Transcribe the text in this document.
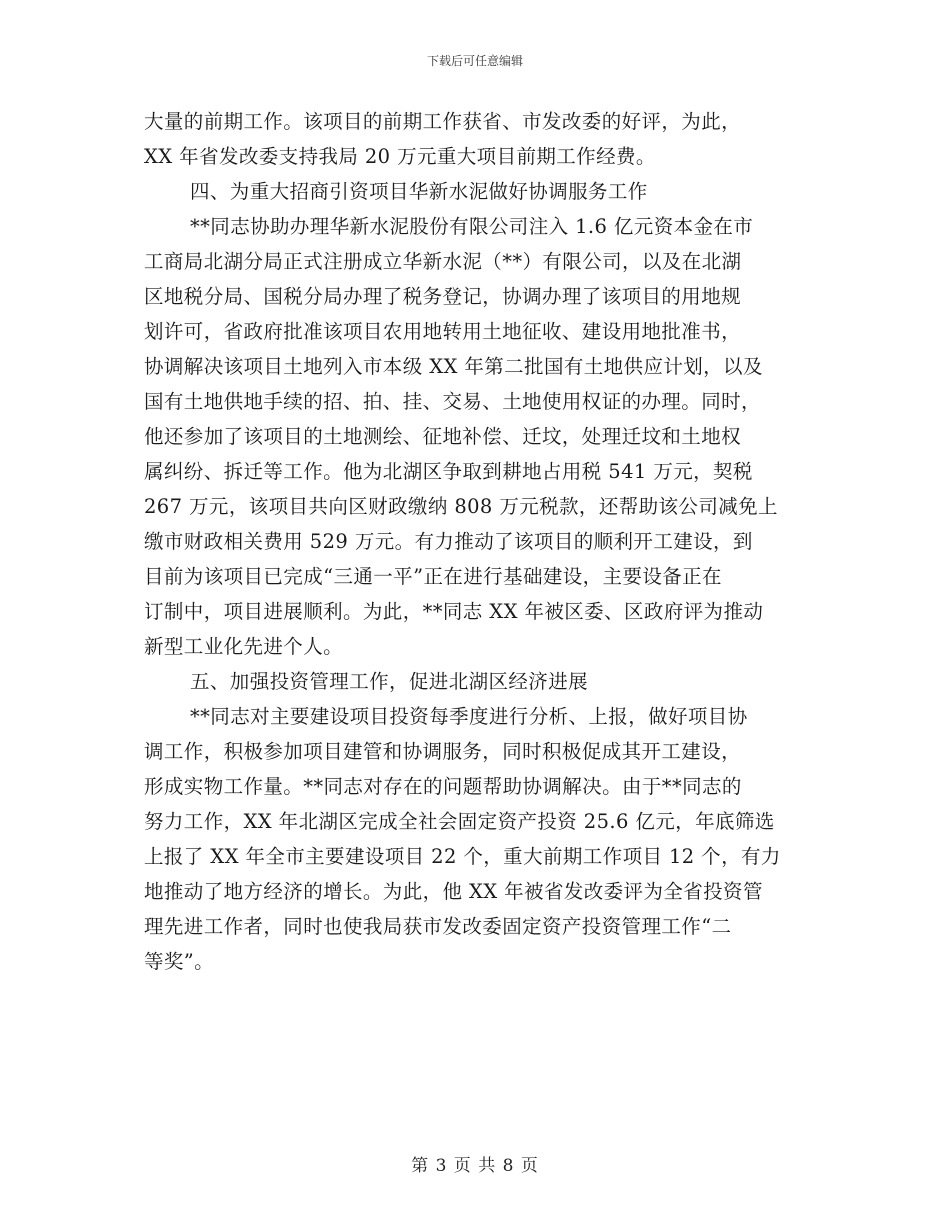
下载后可任意编辑
大量的前期工作。该项目的前期工作获省、市发改委的好评，为此，
XX 年省发改委支持我局 20 万元重大项目前期工作经费。
四、为重大招商引资项目华新水泥做好协调服务工作
**同志协助办理华新水泥股份有限公司注入 1.6 亿元资本金在市
工商局北湖分局正式注册成立华新水泥（**）有限公司，以及在北湖
区地税分局、国税分局办理了税务登记，协调办理了该项目的用地规
划许可，省政府批准该项目农用地转用土地征收、建设用地批准书，
协调解决该项目土地列入市本级 XX 年第二批国有土地供应计划，以及
国有土地供地手续的招、拍、挂、交易、土地使用权证的办理。同时，
他还参加了该项目的土地测绘、征地补偿、迁坟，处理迁坟和土地权
属纠纷、拆迁等工作。他为北湖区争取到耕地占用税 541 万元，契税
267 万元，该项目共向区财政缴纳 808 万元税款，还帮助该公司减免上
缴市财政相关费用 529 万元。有力推动了该项目的顺利开工建设，到
目前为该项目已完成“三通一平”正在进行基础建设，主要设备正在
订制中，项目进展顺利。为此，**同志 XX 年被区委、区政府评为推动
新型工业化先进个人。
五、加强投资管理工作，促进北湖区经济进展
**同志对主要建设项目投资每季度进行分析、上报，做好项目协
调工作，积极参加项目建管和协调服务，同时积极促成其开工建设，
形成实物工作量。**同志对存在的问题帮助协调解决。由于**同志的
努力工作，XX 年北湖区完成全社会固定资产投资 25.6 亿元，年底筛选
上报了 XX 年全市主要建设项目 22 个，重大前期工作项目 12 个，有力
地推动了地方经济的增长。为此，他 XX 年被省发改委评为全省投资管
理先进工作者，同时也使我局获市发改委固定资产投资管理工作“二
等奖”。
第 3 页 共 8 页
